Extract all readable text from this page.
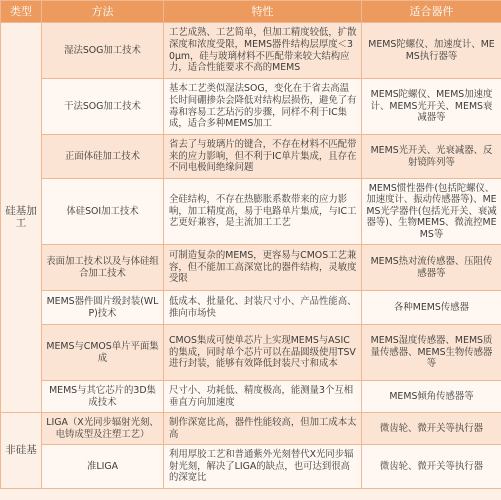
类型	方法	特性	适合器件
硅基加工	湿法SOG加工技术	工艺成熟、工艺简单，但加工精度较低，扩散深度和浓度受限，MEMS器件结构层厚度＜30μm，硅与玻璃材料不匹配带来较大结构应力，适合性能要求不高的MEMS	MEMS陀螺仪、加速度计、MEMS执行器等
	干法SOG加工技术	基本工艺类似湿法SOG，变化在于省去高温长时间硼掺杂会降低对结构层损伤，避免了有毒和容易工艺玷污的步骤，同样不利于IC集成，适合多种MEMS加工	MEMS陀螺仪、MEMS加速度计、MEMS光开关、MEMS衰减器等
	正面体硅加工技术	省去了与玻璃片的键合，不存在材料不匹配带来的应力影响，但不利于IC单片集成，且存在不同电极间绝缘问题	MEMS光开关、光衰减器、反射镜阵列等
	体硅SOI加工技术	全硅结构，不存在热膨胀系数带来的应力影响，加工精度高，易于电路单片集成，与IC工艺更好兼容，是主流加工工艺	MEMS惯性器件(包括陀螺仪、加速度计、振动传感器等)、MEMS光学器件(包括光开关、衰减器等)、生物MEMS、微流控MEMS等
	表面加工技术以及与体硅组合加工技术	可制造复杂的MEMS，更容易与CMOS工艺兼容，但不能加工高深宽比的器件结构，灵敏度受限	MEMS热对流传感器、压阻传感器等
	MEMS器件圆片级封装(WLP)技术	低成本、批量化、封装尺寸小、产品性能高、推向市场快	各种MEMS传感器
	MEMS与CMOS单片平面集成	CMOS集成可使单芯片上实现MEMS与ASIC的集成，同时单个芯片可以在晶圆级使用TSV进行封装，能够有效降低封装尺寸和成本	MEMS湿度传感器、MEMS质量传感器、MEMS生物传感器等
	MEMS与其它芯片的3D集成技术	尺寸小、功耗低、精度极高，能测量3个互相垂直方向加速度	MEMS倾角传感器等
非硅基	LIGA（X光同步辐射光刻、电铸成型及注塑工艺）	制作深宽比高，器件性能较高，但加工成本太高	微齿轮、微开关等执行器
	准LIGA	利用厚胶工艺和普通紫外光刻替代X光同步辐射光刻，解决了LIGA的缺点，也可达到很高的深宽比	微齿轮、微开关等执行器
